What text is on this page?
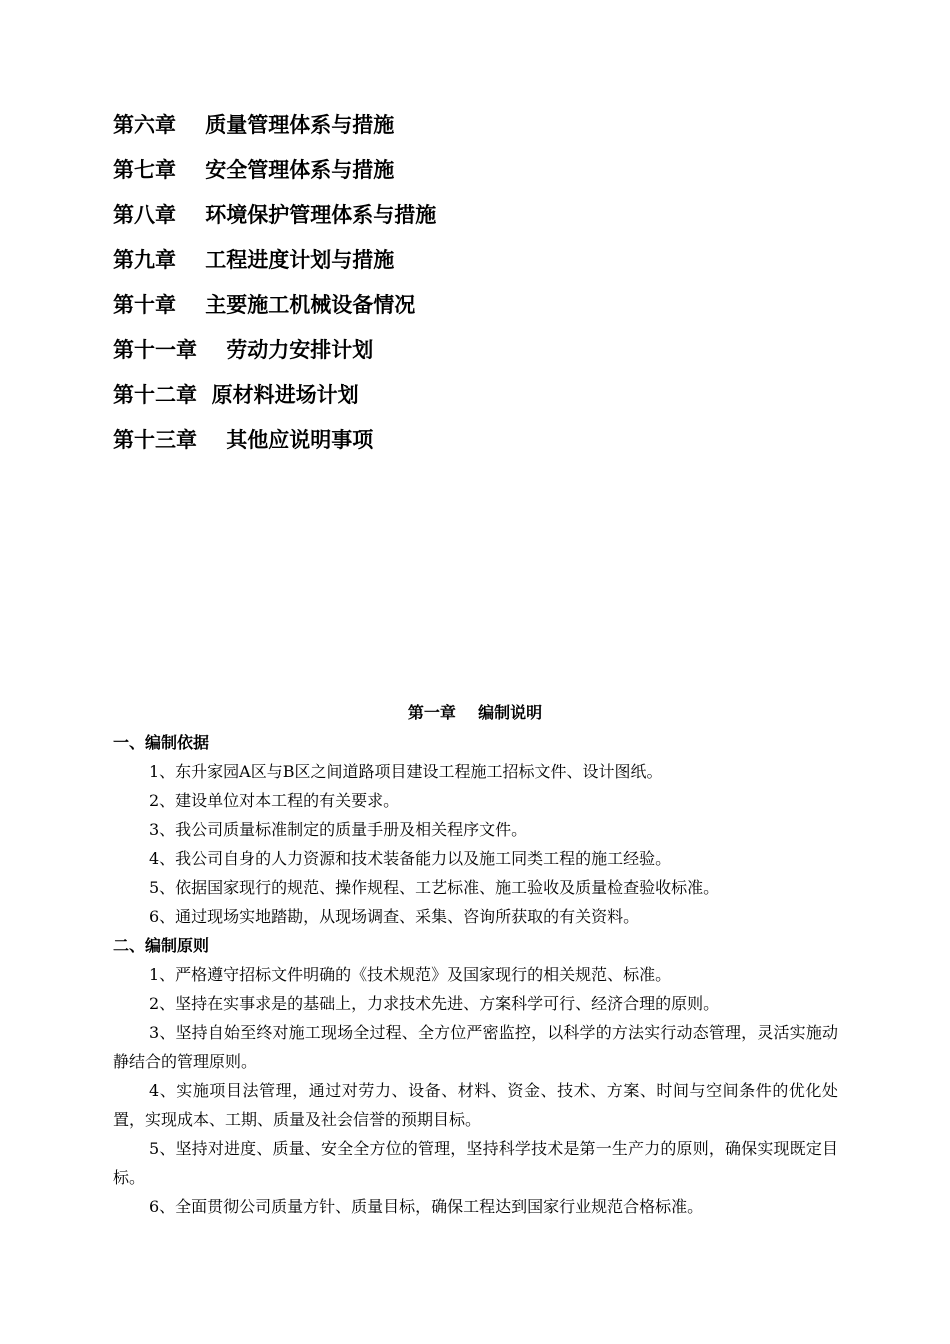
第六章    质量管理体系与措施
第七章    安全管理体系与措施
第八章    环境保护管理体系与措施
第九章    工程进度计划与措施
第十章    主要施工机械设备情况
第十一章    劳动力安排计划
第十二章  原材料进场计划
第十三章    其他应说明事项
第一章    编制说明
一、编制依据
1、东升家园A区与B区之间道路项目建设工程施工招标文件、设计图纸。
2、建设单位对本工程的有关要求。
3、我公司质量标准制定的质量手册及相关程序文件。
4、我公司自身的人力资源和技术装备能力以及施工同类工程的施工经验。
5、依据国家现行的规范、操作规程、工艺标准、施工验收及质量检查验收标准。
6、通过现场实地踏勘，从现场调查、采集、咨询所获取的有关资料。
二、编制原则
1、严格遵守招标文件明确的《技术规范》及国家现行的相关规范、标准。
2、坚持在实事求是的基础上，力求技术先进、方案科学可行、经济合理的原则。
3、坚持自始至终对施工现场全过程、全方位严密监控，以科学的方法实行动态管理，灵活实施动静结合的管理原则。
4、实施项目法管理，通过对劳力、设备、材料、资金、技术、方案、时间与空间条件的优化处置，实现成本、工期、质量及社会信誉的预期目标。
5、坚持对进度、质量、安全全方位的管理，坚持科学技术是第一生产力的原则，确保实现既定目标。
6、全面贯彻公司质量方针、质量目标，确保工程达到国家行业规范合格标准。
